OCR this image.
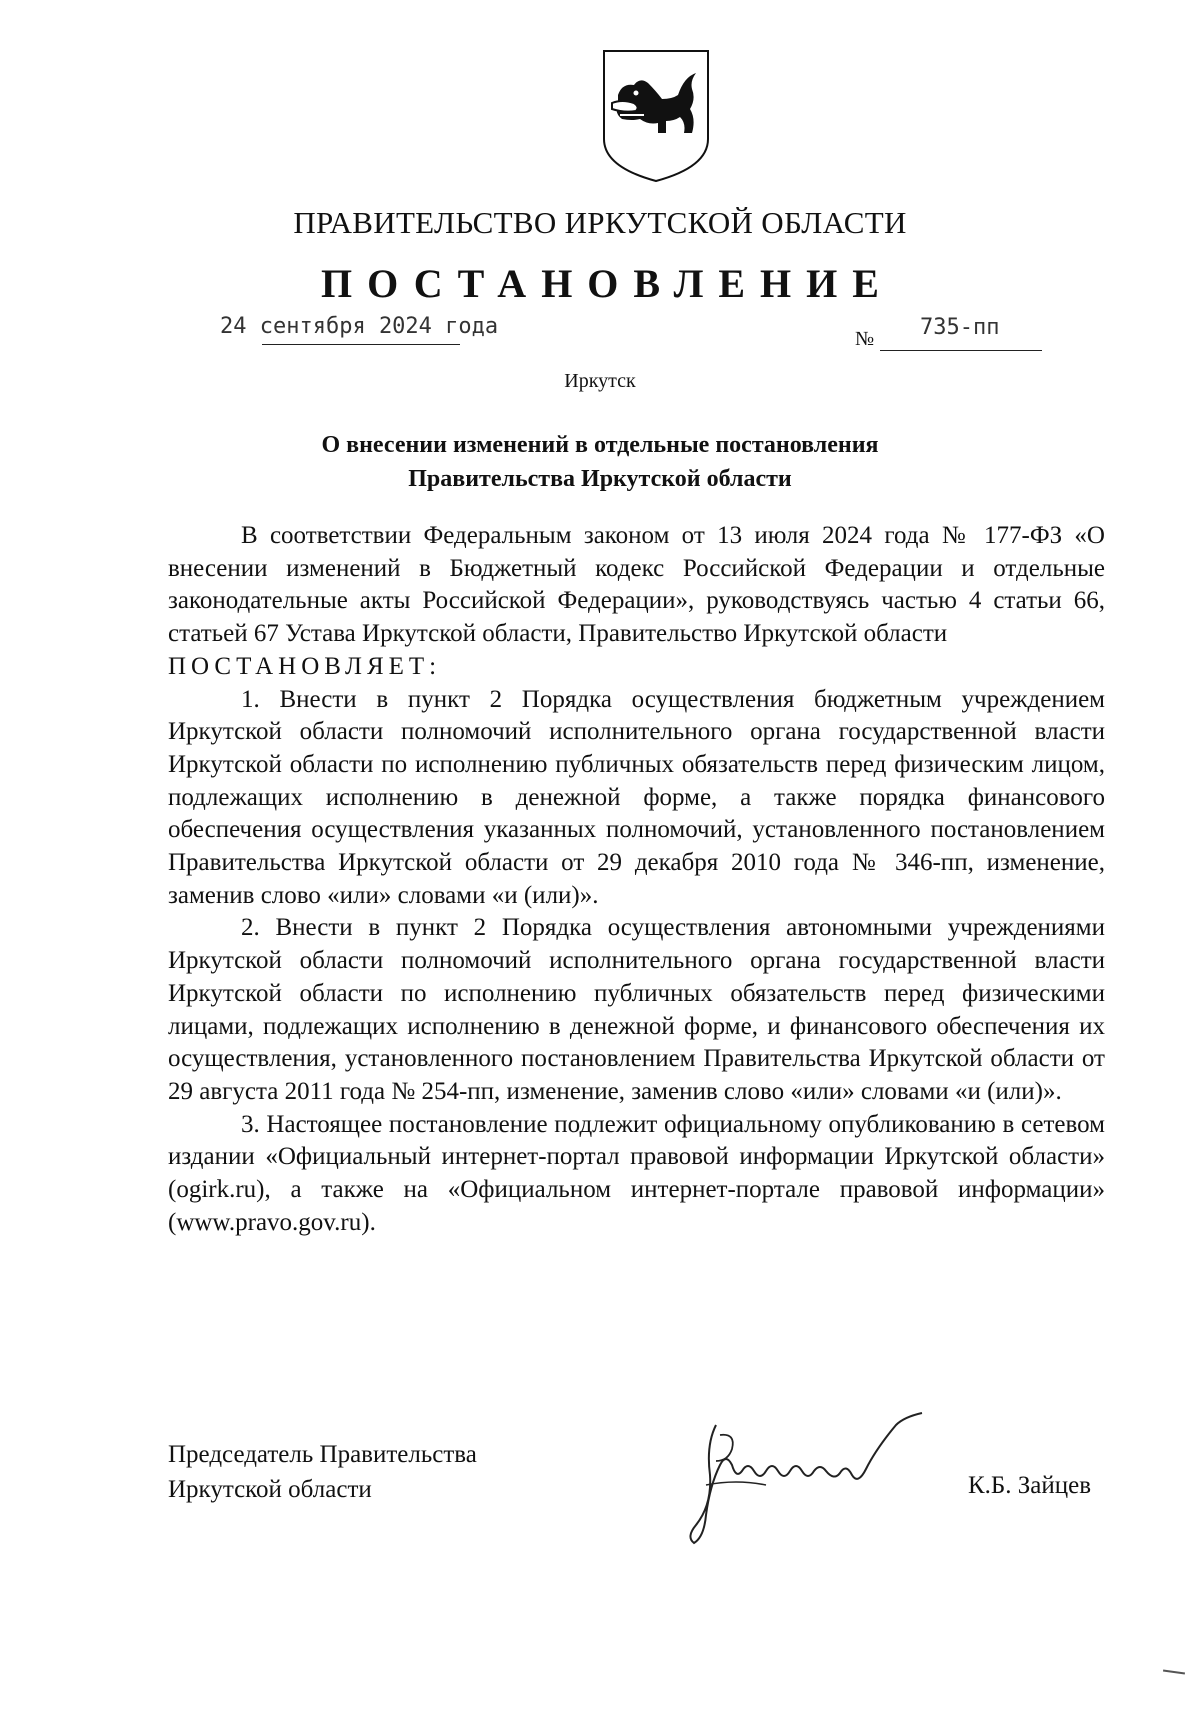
ПРАВИТЕЛЬСТВО ИРКУТСКОЙ ОБЛАСТИ
ПОСТАНОВЛЕНИЕ
24 сентября 2024 года	№ 735-пп
Иркутск
О внесении изменений в отдельные постановления
Правительства Иркутской области

В соответствии Федеральным законом от 13 июля 2024 года № 177-ФЗ «О внесении изменений в Бюджетный кодекс Российской Федерации и отдельные законодательные акты Российской Федерации», руководствуясь частью 4 статьи 66, статьей 67 Устава Иркутской области, Правительство Иркутской области

ПОСТАНОВЛЯЕТ:

1. Внести в пункт 2 Порядка осуществления бюджетным учреждением Иркутской области полномочий исполнительного органа государственной власти Иркутской области по исполнению публичных обязательств перед физическим лицом, подлежащих исполнению в денежной форме, а также порядка финансового обеспечения осуществления указанных полномочий, установленного постановлением Правительства Иркутской области от 29 декабря 2010 года № 346-пп, изменение, заменив слово «или» словами «и (или)».

2. Внести в пункт 2 Порядка осуществления автономными учреждениями Иркутской области полномочий исполнительного органа государственной власти Иркутской области по исполнению публичных обязательств перед физическими лицами, подлежащих исполнению в денежной форме, и финансового обеспечения их осуществления, установленного постановлением Правительства Иркутской области от 29 августа 2011 года № 254-пп, изменение, заменив слово «или» словами «и (или)».

3. Настоящее постановление подлежит официальному опубликованию в сетевом издании «Официальный интернет-портал правовой информации Иркутской области» (ogirk.ru), а также на «Официальном интернет-портале правовой информации» (www.pravo.gov.ru).

Председатель Правительства
Иркутской области	К.Б. Зайцев
